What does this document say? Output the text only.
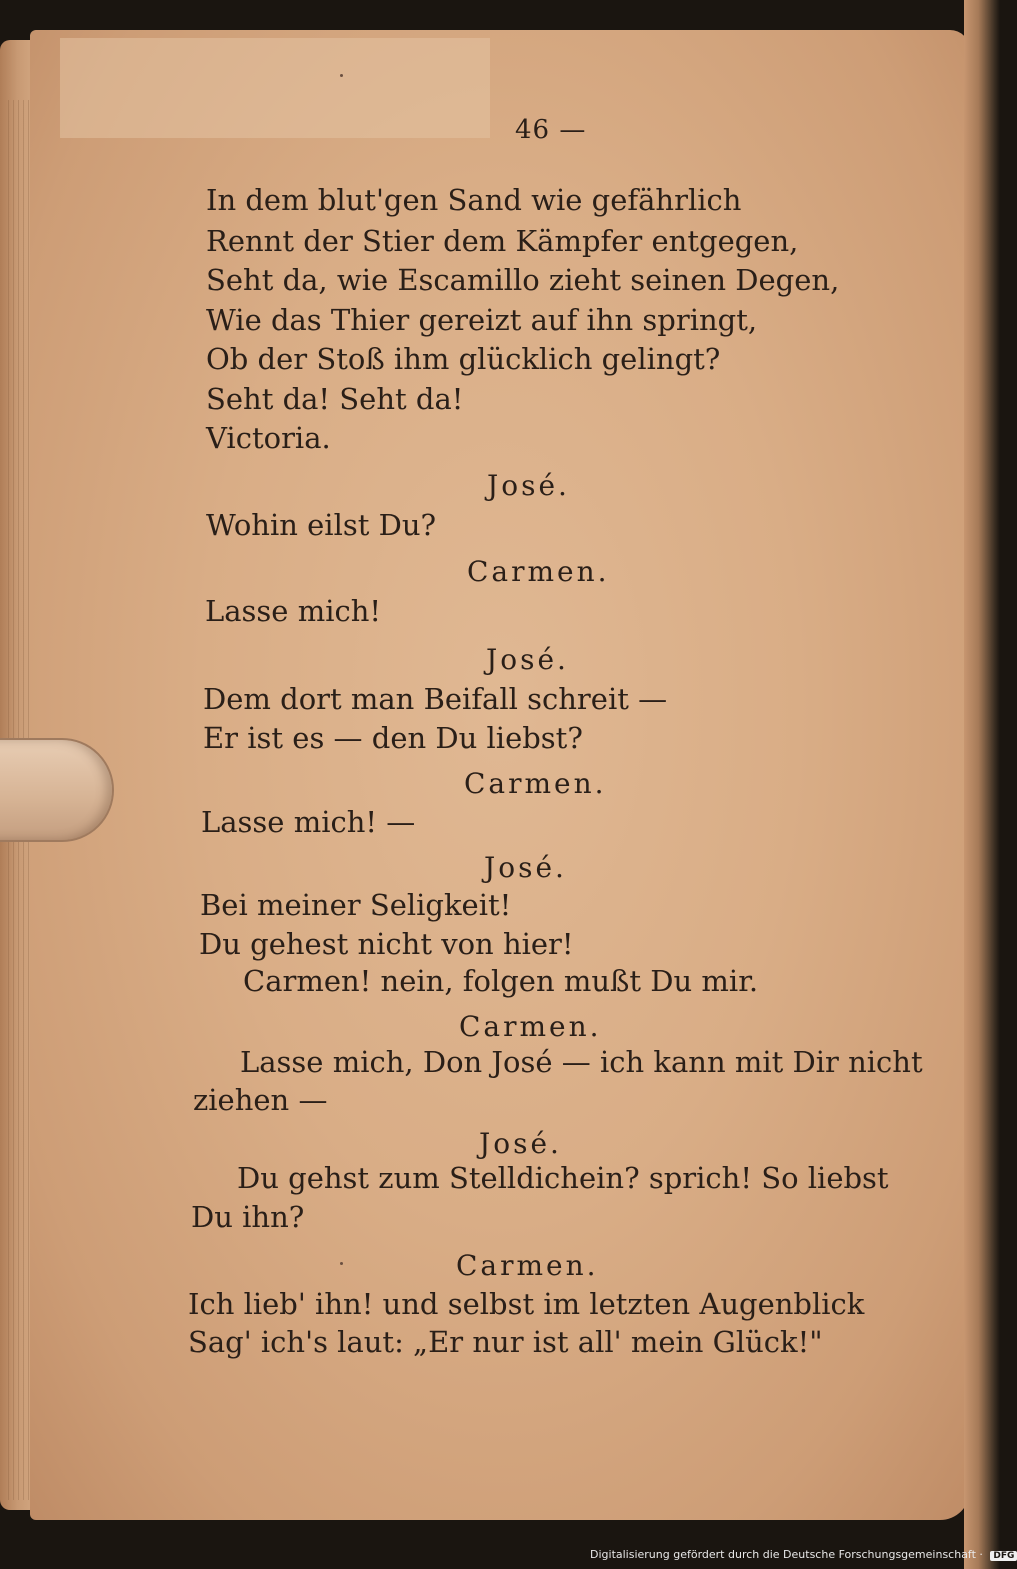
46 —
In dem blut'gen Sand wie gefährlich
Rennt der Stier dem Kämpfer entgegen,
Seht da, wie Escamillo zieht seinen Degen,
Wie das Thier gereizt auf ihn springt,
Ob der Stoß ihm glücklich gelingt?
Seht da! Seht da!
Victoria.
José.
Wohin eilst Du?
Carmen.
Lasse mich!
José.
Dem dort man Beifall schreit —
Er ist es — den Du liebst?
Carmen.
Lasse mich! —
José.
Bei meiner Seligkeit!
Du gehest nicht von hier!
Carmen! nein, folgen mußt Du mir.
Carmen.
Lasse mich, Don José — ich kann mit Dir nicht
ziehen —
José.
Du gehst zum Stelldichein? sprich! So liebst
Du ihn?
Carmen.
Ich lieb' ihn! und selbst im letzten Augenblick
Sag' ich's laut: „Er nur ist all' mein Glück!"
Digitalisierung gefördert durch die Deutsche Forschungsgemeinschaft · DFG
